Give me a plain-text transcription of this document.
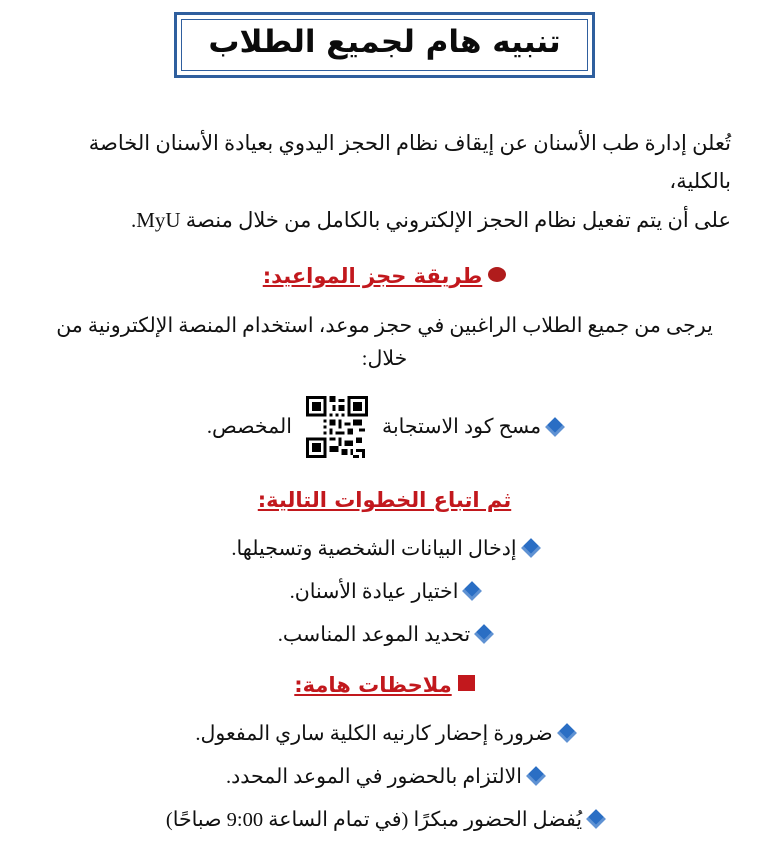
تنبيه هام لجميع الطلاب
تُعلن إدارة طب الأسنان عن إيقاف نظام الحجز اليدوي بعيادة الأسنان الخاصة بالكلية،
على أن يتم تفعيل نظام الحجز الإلكتروني بالكامل من خلال منصة MyU.
طريقة حجز المواعيد:
يرجى من جميع الطلاب الراغبين في حجز موعد، استخدام المنصة الإلكترونية من خلال:
مسح كود الاستجابة
المخصص.
ثم اتباع الخطوات التالية:
إدخال البيانات الشخصية وتسجيلها.
اختيار عيادة الأسنان.
تحديد الموعد المناسب.
ملاحظات هامة:
ضرورة إحضار كارنيه الكلية ساري المفعول.
الالتزام بالحضور في الموعد المحدد.
يُفضل الحضور مبكرًا (في تمام الساعة 9:00 صباحًا)
